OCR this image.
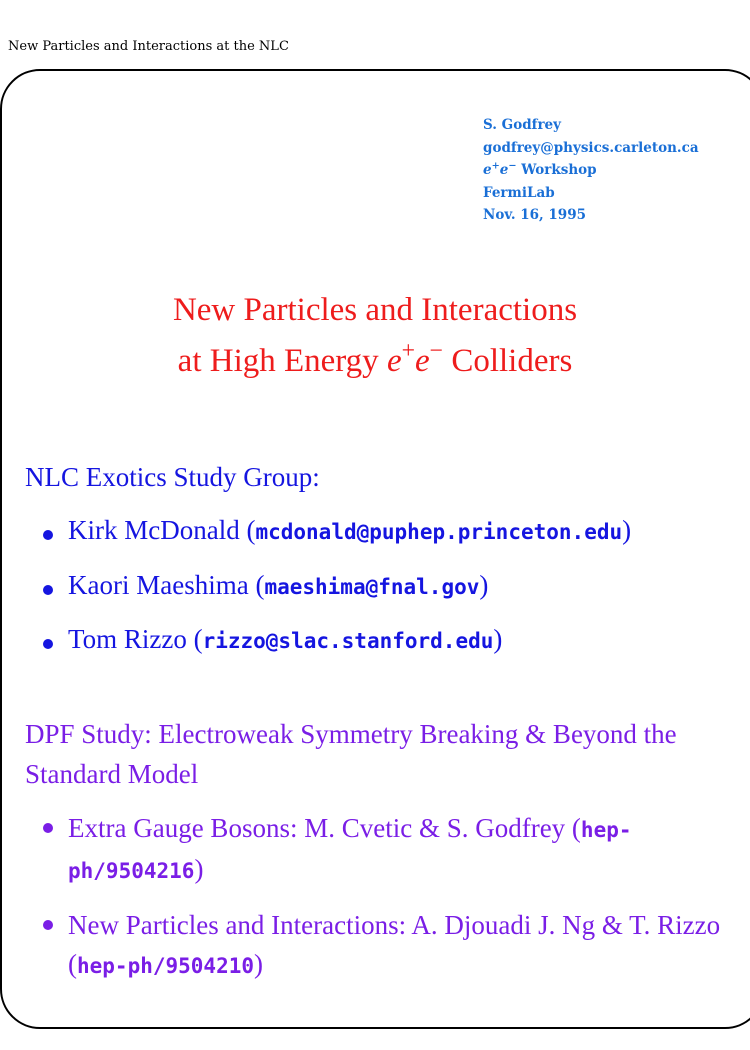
New Particles and Interactions at the NLC
S. Godfrey
godfrey@physics.carleton.ca
e+e− Workshop
FermiLab
Nov. 16, 1995
New Particles and Interactions
at High Energy e+e− Colliders
NLC Exotics Study Group:
Kirk McDonald (mcdonald@puphep.princeton.edu)
Kaori Maeshima (maeshima@fnal.gov)
Tom Rizzo (rizzo@slac.stanford.edu)
DPF Study: Electroweak Symmetry Breaking & Beyond the Standard Model
Extra Gauge Bosons: M. Cvetic & S. Godfrey (hep-ph/9504216)
New Particles and Interactions: A. Djouadi J. Ng & T. Rizzo (hep-ph/9504210)
